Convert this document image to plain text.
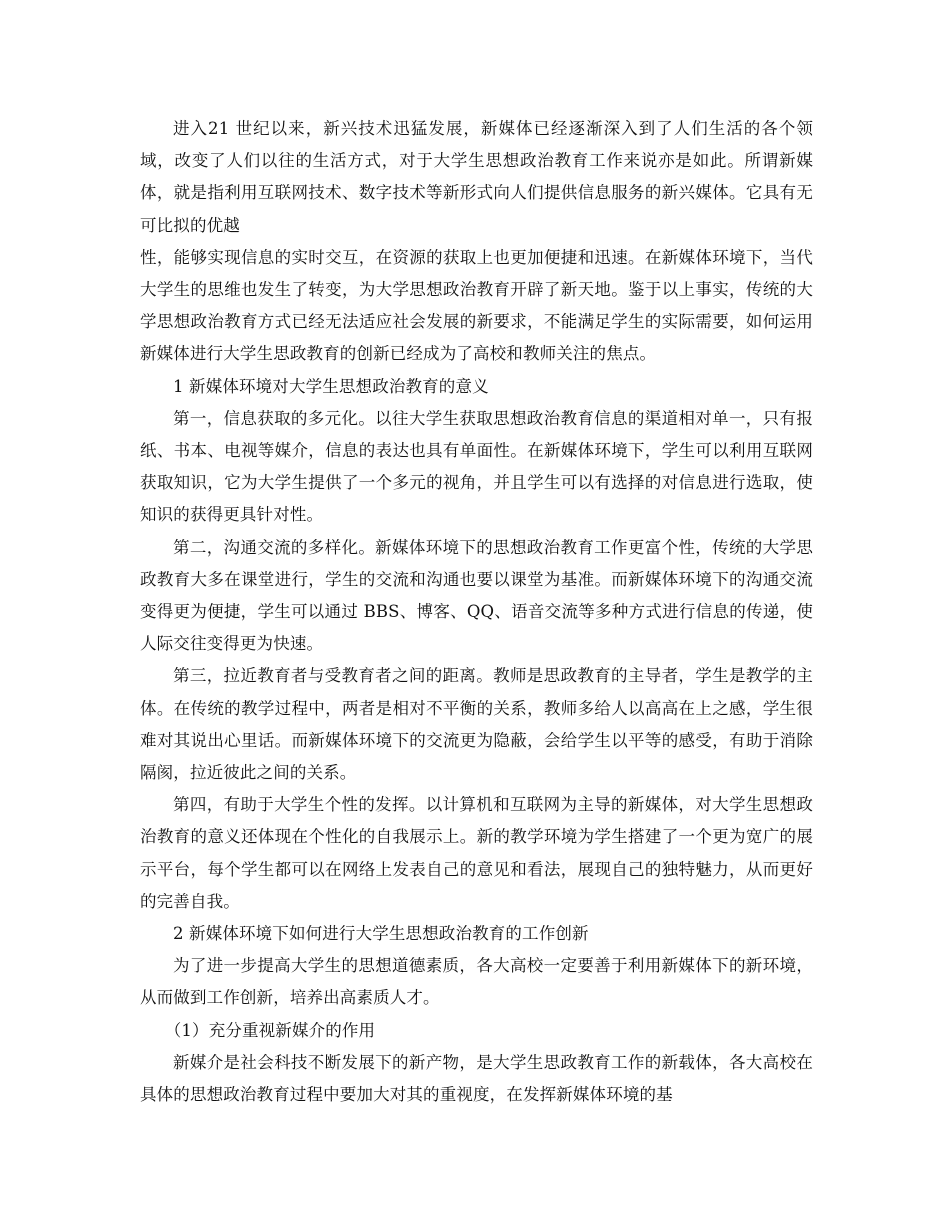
进入21 世纪以来，新兴技术迅猛发展，新媒体已经逐渐深入到了人们生活的各个领域，改变了人们以往的生活方式，对于大学生思想政治教育工作来说亦是如此。所谓新媒体，就是指利用互联网技术、数字技术等新形式向人们提供信息服务的新兴媒体。它具有无可比拟的优越

性，能够实现信息的实时交互，在资源的获取上也更加便捷和迅速。在新媒体环境下，当代大学生的思维也发生了转变，为大学思想政治教育开辟了新天地。鉴于以上事实，传统的大学思想政治教育方式已经无法适应社会发展的新要求，不能满足学生的实际需要，如何运用新媒体进行大学生思政教育的创新已经成为了高校和教师关注的焦点。

1 新媒体环境对大学生思想政治教育的意义

第一，信息获取的多元化。以往大学生获取思想政治教育信息的渠道相对单一，只有报纸、书本、电视等媒介，信息的表达也具有单面性。在新媒体环境下，学生可以利用互联网获取知识，它为大学生提供了一个多元的视角，并且学生可以有选择的对信息进行选取，使知识的获得更具针对性。

第二，沟通交流的多样化。新媒体环境下的思想政治教育工作更富个性，传统的大学思政教育大多在课堂进行，学生的交流和沟通也要以课堂为基准。而新媒体环境下的沟通交流变得更为便捷，学生可以通过 BBS、博客、QQ、语音交流等多种方式进行信息的传递，使人际交往变得更为快速。

第三，拉近教育者与受教育者之间的距离。教师是思政教育的主导者，学生是教学的主体。在传统的教学过程中，两者是相对不平衡的关系，教师多给人以高高在上之感，学生很难对其说出心里话。而新媒体环境下的交流更为隐蔽，会给学生以平等的感受，有助于消除隔阂，拉近彼此之间的关系。

第四，有助于大学生个性的发挥。以计算机和互联网为主导的新媒体，对大学生思想政治教育的意义还体现在个性化的自我展示上。新的教学环境为学生搭建了一个更为宽广的展示平台，每个学生都可以在网络上发表自己的意见和看法，展现自己的独特魅力，从而更好的完善自我。

2 新媒体环境下如何进行大学生思想政治教育的工作创新

为了进一步提高大学生的思想道德素质，各大高校一定要善于利用新媒体下的新环境，从而做到工作创新，培养出高素质人才。

（1）充分重视新媒介的作用

新媒介是社会科技不断发展下的新产物，是大学生思政教育工作的新载体，各大高校在具体的思想政治教育过程中要加大对其的重视度，在发挥新媒体环境的基
